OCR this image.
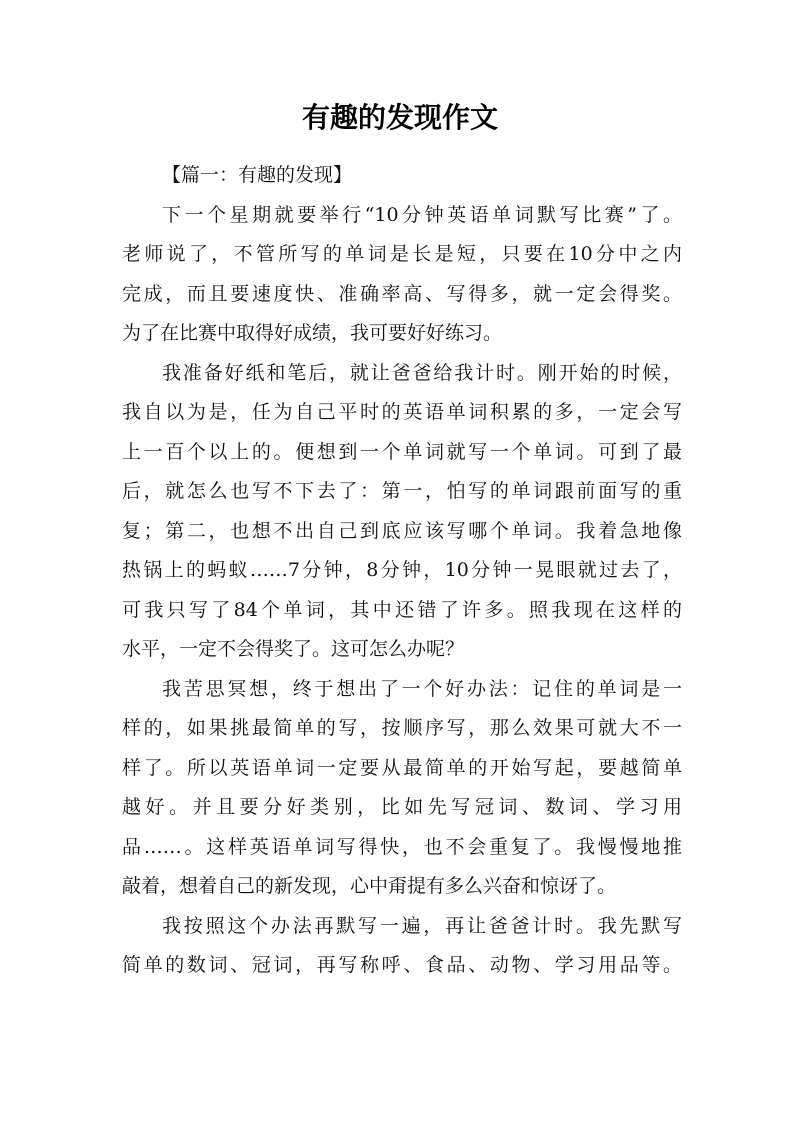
有趣的发现作文
【篇一：有趣的发现】
下一个星期就要举行“10分钟英语单词默写比赛”了。
老师说了，不管所写的单词是长是短，只要在10分中之内
完成，而且要速度快、准确率高、写得多，就一定会得奖。
为了在比赛中取得好成绩，我可要好好练习。
我准备好纸和笔后，就让爸爸给我计时。刚开始的时候，
我自以为是，任为自己平时的英语单词积累的多，一定会写
上一百个以上的。便想到一个单词就写一个单词。可到了最
后，就怎么也写不下去了：第一，怕写的单词跟前面写的重
复；第二，也想不出自己到底应该写哪个单词。我着急地像
热锅上的蚂蚁……7分钟，8分钟，10分钟一晃眼就过去了，
可我只写了84个单词，其中还错了许多。照我现在这样的
水平，一定不会得奖了。这可怎么办呢？
我苦思冥想，终于想出了一个好办法：记住的单词是一
样的，如果挑最简单的写，按顺序写，那么效果可就大不一
样了。所以英语单词一定要从最简单的开始写起，要越简单
越好。并且要分好类别，比如先写冠词、数词、学习用
品……。这样英语单词写得快，也不会重复了。我慢慢地推
敲着，想着自己的新发现，心中甭提有多么兴奋和惊讶了。
我按照这个办法再默写一遍，再让爸爸计时。我先默写
简单的数词、冠词，再写称呼、食品、动物、学习用品等。
